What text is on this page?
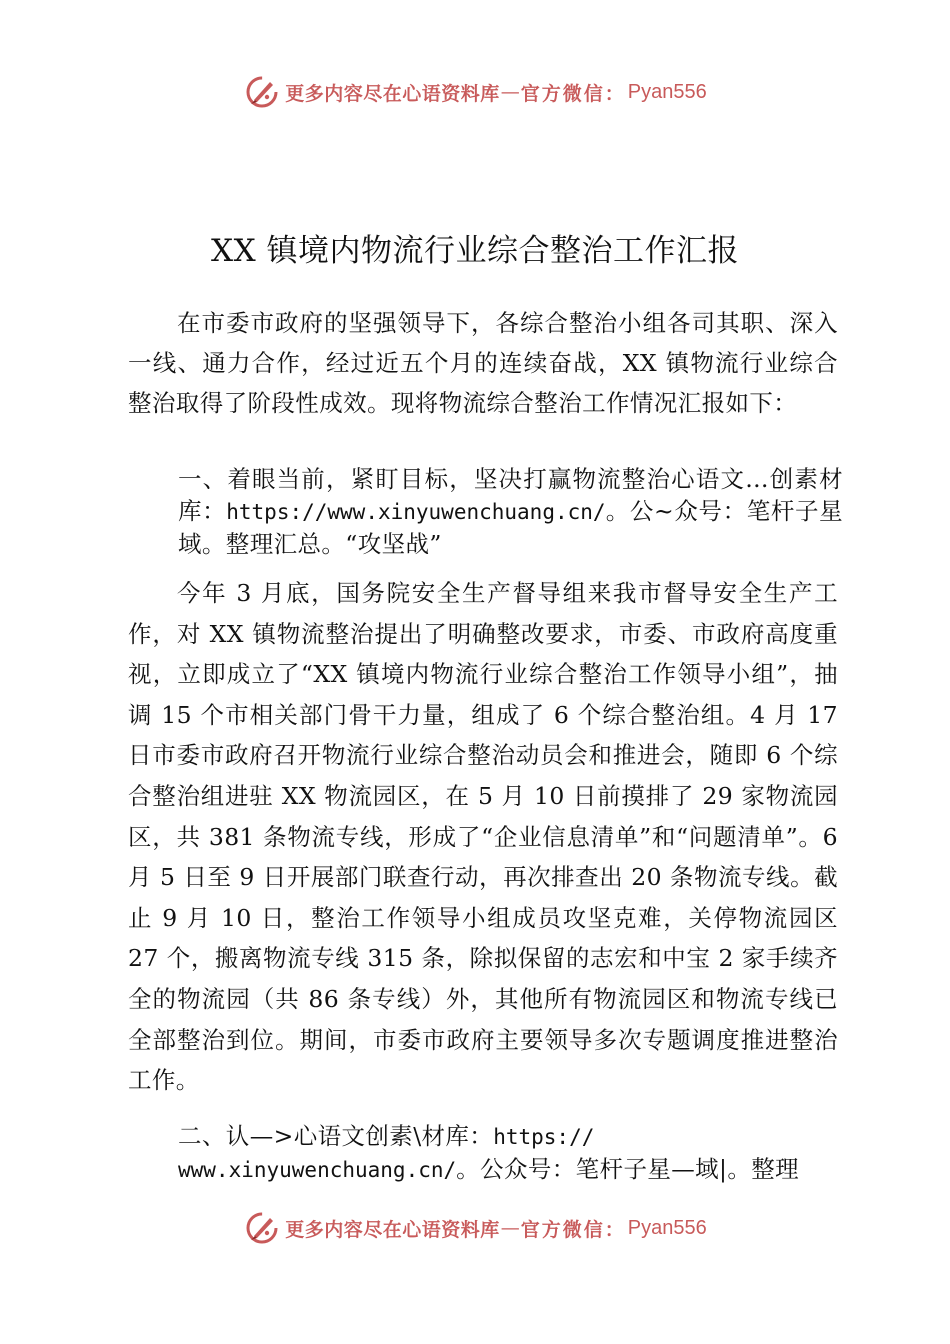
更多内容尽在心语资料库 — 官方微信： Pyan556
XX 镇境内物流行业综合整治工作汇报

在市委市政府的坚强领导下，各综合整治小组各司其职、深入一线、通力合作，经过近五个月的连续奋战，XX 镇物流行业综合整治取得了阶段性成效。现将物流综合整治工作情况汇报如下：

一、着眼当前，紧盯目标，坚决打赢物流整治心语文…创素材库：https://www.xinyuwenchuang.cn/。公~众号：笔杆子星域。整理汇总。“攻坚战”

今年 3 月底，国务院安全生产督导组来我市督导安全生产工作，对 XX 镇物流整治提出了明确整改要求，市委、市政府高度重视，立即成立了“XX 镇境内物流行业综合整治工作领导小组”，抽调 15 个市相关部门骨干力量，组成了 6 个综合整治组。4 月 17 日市委市政府召开物流行业综合整治动员会和推进会，随即 6 个综合整治组进驻 XX 物流园区，在 5 月 10 日前摸排了 29 家物流园区，共 381 条物流专线，形成了“企业信息清单”和“问题清单”。6 月 5 日至 9 日开展部门联查行动，再次排查出 20 条物流专线。截止 9 月 10 日，整治工作领导小组成员攻坚克难，关停物流园区 27 个，搬离物流专线 315 条，除拟保留的志宏和中宝 2 家手续齐全的物流园（共 86 条专线）外，其他所有物流园区和物流专线已全部整治到位。期间，市委市政府主要领导多次专题调度推进整治工作。

二、认—>心语文创素\材库：https://
www.xinyuwenchuang.cn/。公众号：笔杆子星—域|。整理

更多内容尽在心语资料库 — 官方微信： Pyan556
